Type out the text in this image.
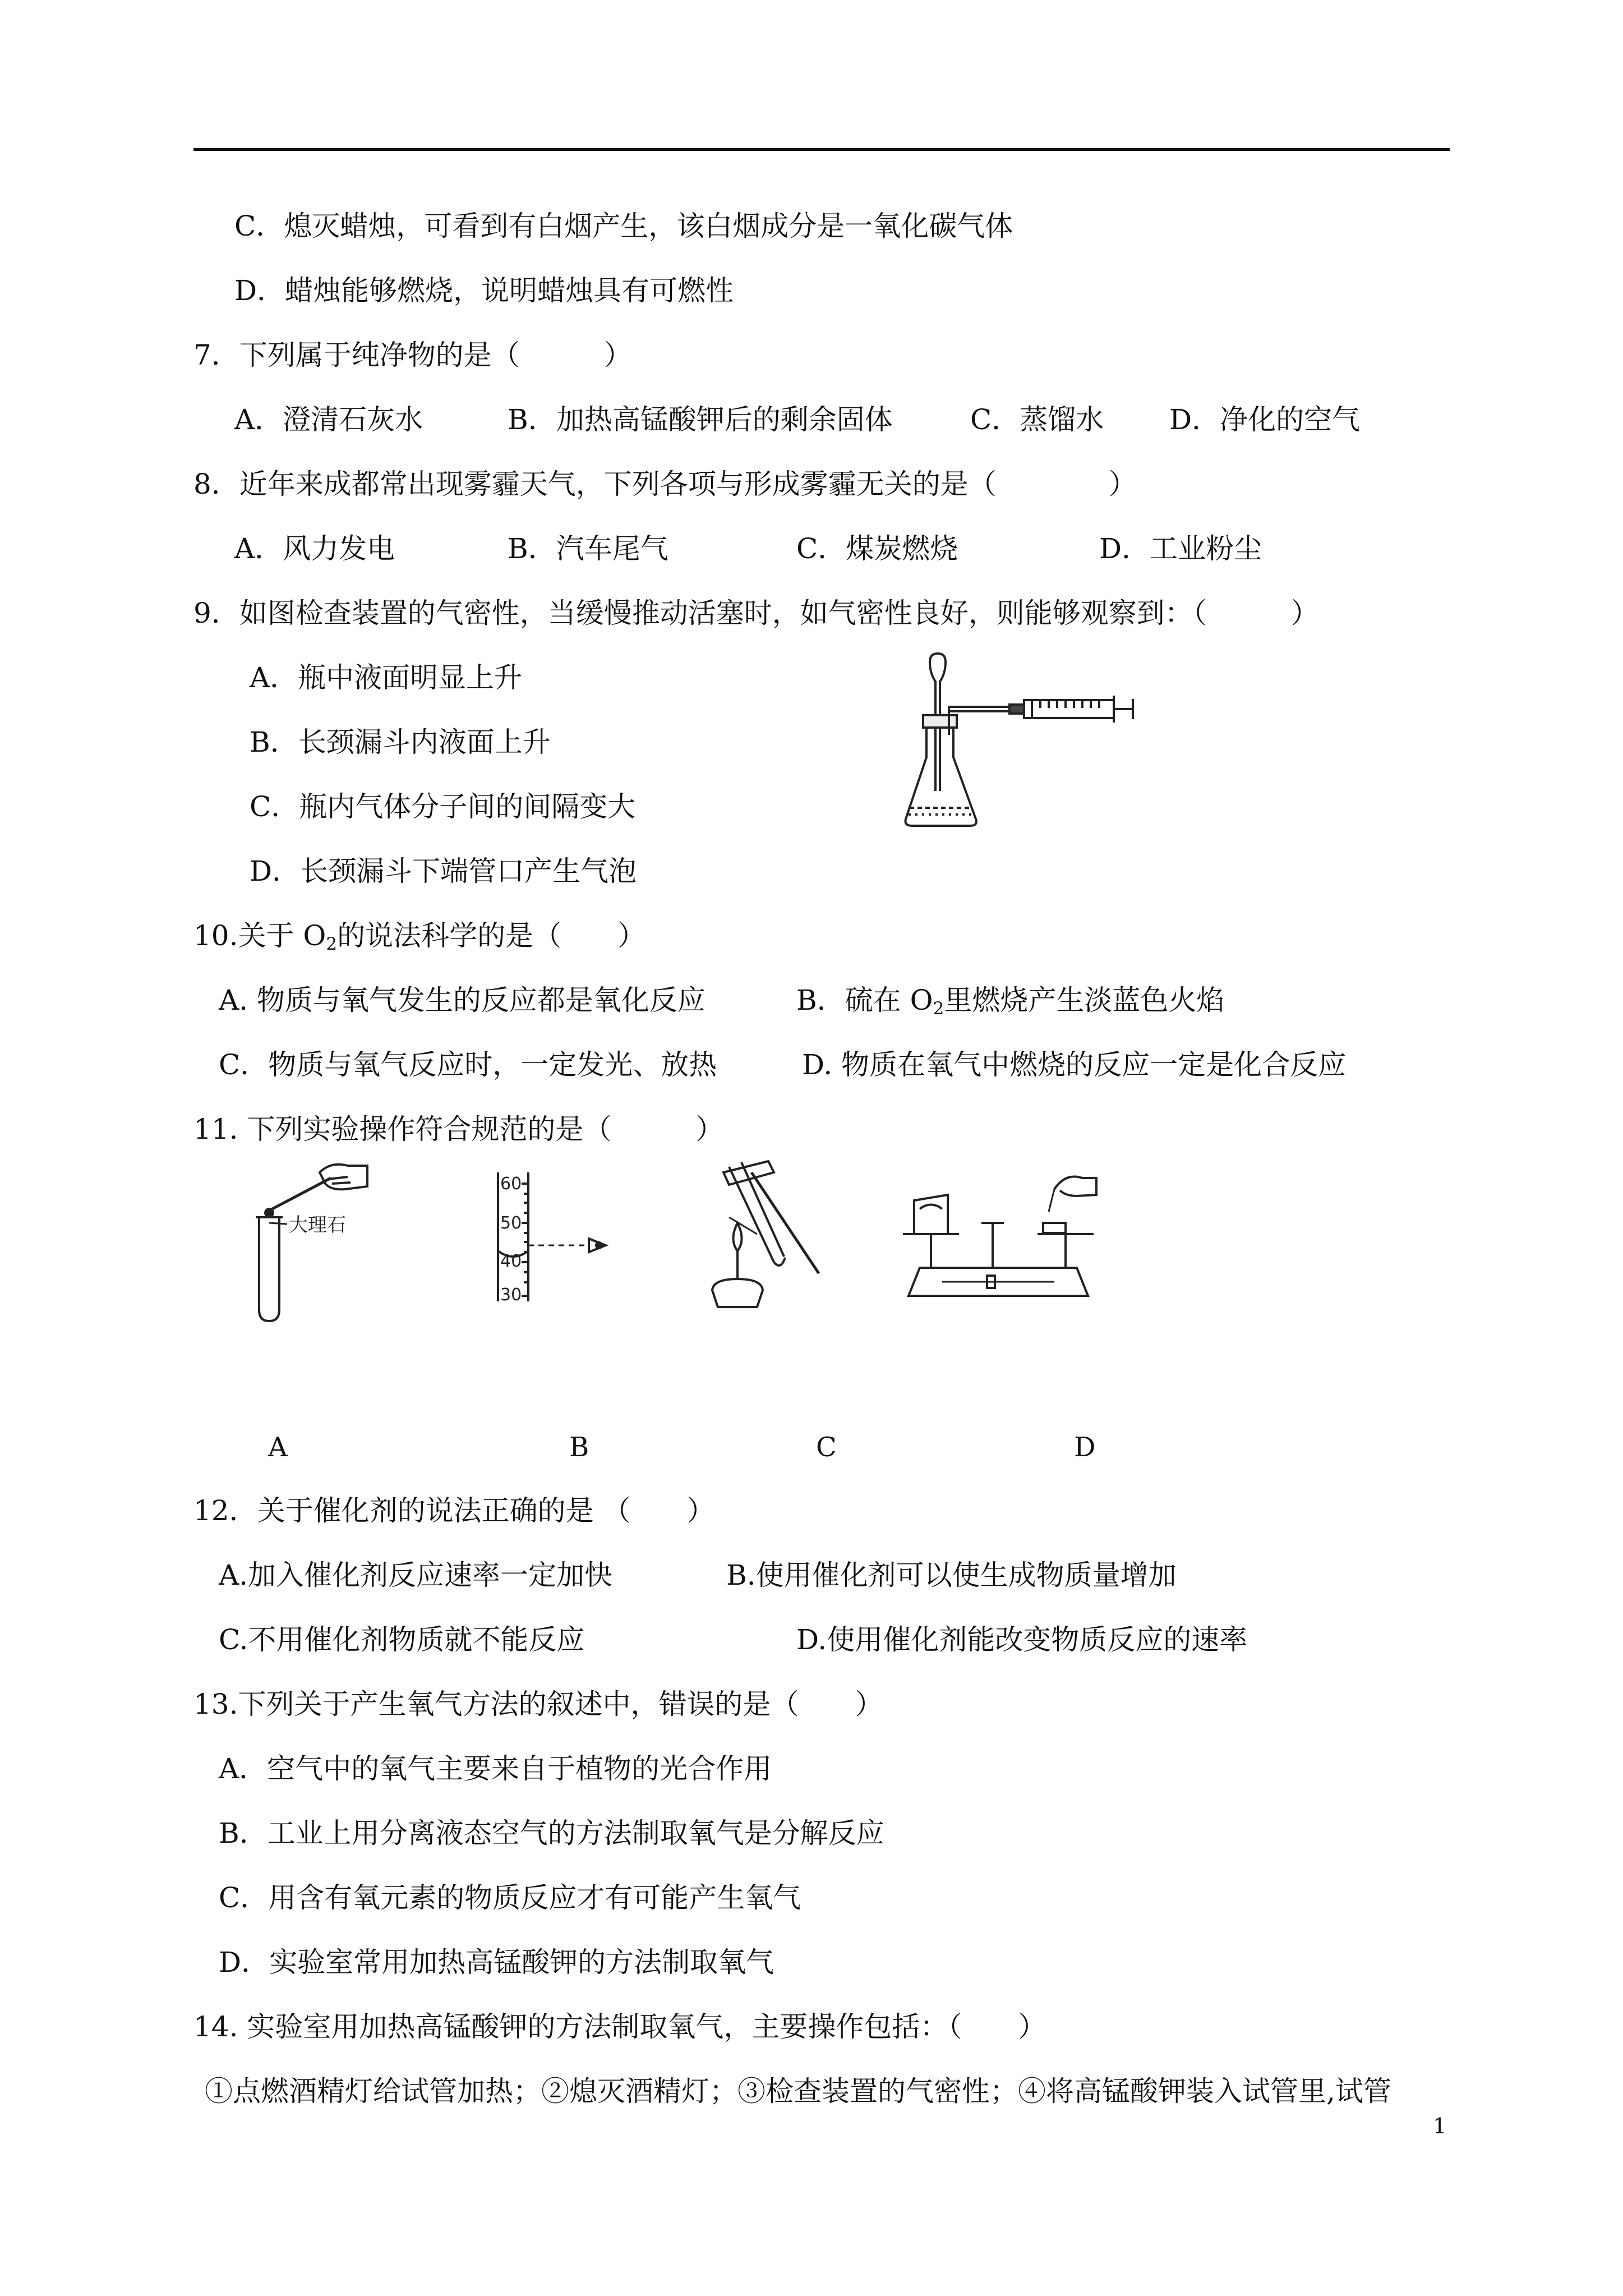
C．熄灭蜡烛，可看到有白烟产生，该白烟成分是一氧化碳气体
D．蜡烛能够燃烧，说明蜡烛具有可燃性
7．下列属于纯净物的是（　　　）
A．澄清石灰水	B．加热高锰酸钾后的剩余固体	C．蒸馏水 D．净化的空气
8．近年来成都常出现雾霾天气，下列各项与形成雾霾无关的是（　　　　）
A．风力发电	B．汽车尾气	C．煤炭燃烧	D．工业粉尘
9．如图检查装置的气密性，当缓慢推动活塞时，如气密性良好，则能够观察到：（　　　）
A．瓶中液面明显上升
B．长颈漏斗内液面上升
C．瓶内气体分子间的间隔变大
D．长颈漏斗下端管口产生气泡
10.关于 $O_2$的说法科学的是（　　）
A. 物质与氧气发生的反应都是氧化反应	B．硫在 $O_2$里燃烧产生淡蓝色火焰
C．物质与氧气反应时，一定发光、放热	D. 物质在氧气中燃烧的反应一定是化合反应
11. 下列实验操作符合规范的是（　　　）
大理石
60
50
40
30
A	B	C	D
12．关于催化剂的说法正确的是 （　　）
A.加入催化剂反应速率一定加快	B.使用催化剂可以使生成物质量增加
C.不用催化剂物质就不能反应	D.使用催化剂能改变物质反应的速率
13.下列关于产生氧气方法的叙述中，错误的是（　　）
A．空气中的氧气主要来自于植物的光合作用
B．工业上用分离液态空气的方法制取氧气是分解反应
C．用含有氧元素的物质反应才有可能产生氧气
D．实验室常用加热高锰酸钾的方法制取氧气
14. 实验室用加热高锰酸钾的方法制取氧气，主要操作包括：（　　）
①点燃酒精灯给试管加热；②熄灭酒精灯；③检查装置的气密性；④将高锰酸钾装入试管里,试管
1
